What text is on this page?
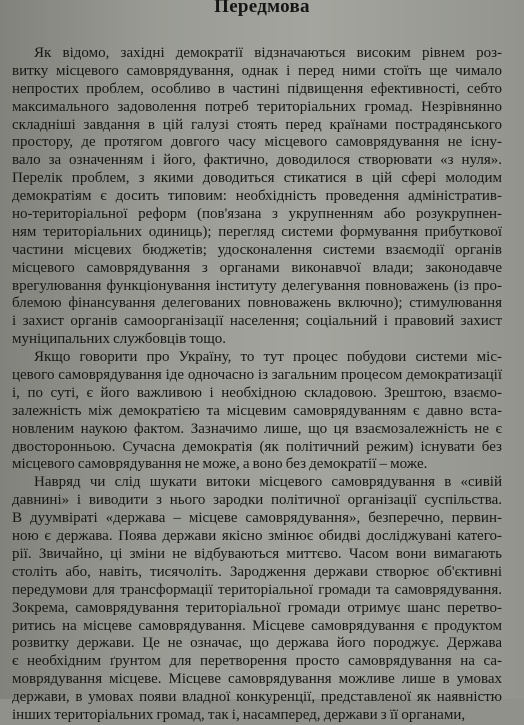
Передмова
Як відомо, західні демократії відзначаються високим рівнем роз-
витку місцевого самоврядування, однак і перед ними стоїть ще чимало
непростих проблем, особливо в частині підвищення ефективності, себто
максимального задоволення потреб територіальних громад. Незрівнянно
складніші завдання в цій галузі стоять перед країнами пострадянського
простору, де протягом довгого часу місцевого самоврядування не існу-
вало за означенням і його, фактично, доводилося створювати «з нуля».
Перелік проблем, з якими доводиться стикатися в цій сфері молодим
демократіям є досить типовим: необхідність проведення адміністратив-
но-територіальної реформ (пов'язана з укрупненням або розукрупнен-
ням територіальних одиниць); перегляд системи формування прибуткової
частини місцевих бюджетів; удосконалення системи взаємодії органів
місцевого самоврядування з органами виконавчої влади; законодавче
врегулювання функціонування інституту делегування повноважень (із про-
блемою фінансування делегованих повноважень включно); стимулювання
і захист органів самоорганізації населення; соціальний і правовий захист
муніципальних службовців тощо.
Якщо говорити про Україну, то тут процес побудови системи міс-
цевого самоврядування іде одночасно із загальним процесом демократизації
і, по суті, є його важливою і необхідною складовою. Зрештою, взаємо-
залежність між демократією та місцевим самоврядуванням є давно вста-
новленим наукою фактом. Зазначимо лише, що ця взаємозалежність не є
двосторонньою. Сучасна демократія (як політичний режим) існувати без
місцевого самоврядування не може, а воно без демократії – може.
Навряд чи слід шукати витоки місцевого самоврядування в «сивій
давнині» і виводити з нього зародки політичної організації суспільства.
В дуумвіраті «держава – місцеве самоврядування», безперечно, первин-
ною є держава. Поява держави якісно змінює обидві досліджувані катего-
рії. Звичайно, ці зміни не відбуваються миттєво. Часом вони вимагають
століть або, навіть, тисячоліть. Зародження держави створює об'єктивні
передумови для трансформації територіальної громади та самоврядування.
Зокрема, самоврядування територіальної громади отримує шанс перетво-
ритись на місцеве самоврядування. Місцеве самоврядування є продуктом
розвитку держави. Це не означає, що держава його породжує. Держава
є необхідним ґрунтом для перетворення просто самоврядування на са-
моврядування місцеве. Місцеве самоврядування можливе лише в умовах
держави, в умовах появи владної конкуренції, представленої як наявністю
інших територіальних громад, так і, насамперед, держави з її органами,
